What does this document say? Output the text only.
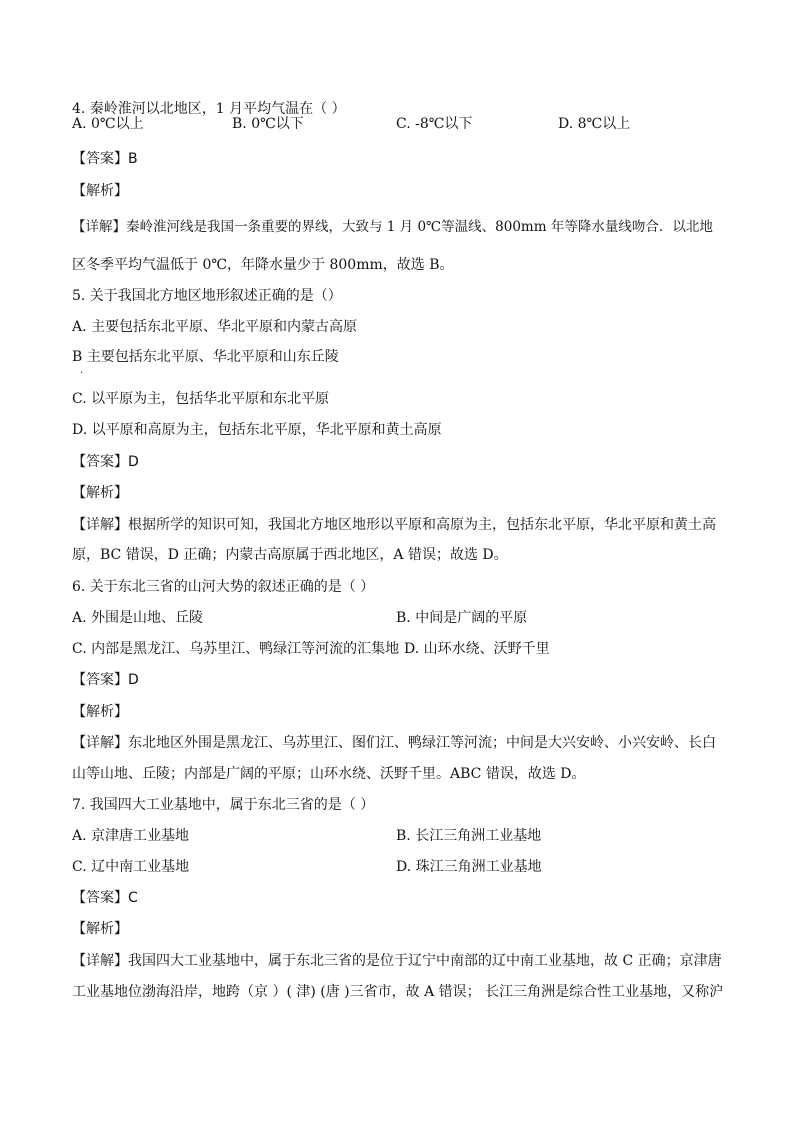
4. 秦岭淮河以北地区，1 月平均气温在（ ）
A. 0℃以上	B. 0℃以下	C. -8℃以下	D. 8℃以上
【答案】B
【解析】
【详解】秦岭淮河线是我国一条重要的界线，大致与 1 月 0℃等温线、800mm 年等降水量线吻合．以北地
区冬季平均气温低于 0℃，年降水量少于 800mm，故选 B。
5. 关于我国北方地区地形叙述正确的是（）
A. 主要包括东北平原、华北平原和内蒙古高原
B 主要包括东北平原、华北平原和山东丘陵
.
C. 以平原为主，包括华北平原和东北平原
D. 以平原和高原为主，包括东北平原，华北平原和黄土高原
【答案】D
【解析】
【详解】根据所学的知识可知，我国北方地区地形以平原和高原为主，包括东北平原，华北平原和黄土高
原，BC 错误，D 正确；内蒙古高原属于西北地区，A 错误；故选 D。
6. 关于东北三省的山河大势的叙述正确的是（ ）
A. 外围是山地、丘陵	B. 中间是广阔的平原
C. 内部是黑龙江、乌苏里江、鸭绿江等河流的汇集地 D. 山环水绕、沃野千里
【答案】D
【解析】
【详解】东北地区外围是黑龙江、乌苏里江、图们江、鸭绿江等河流；中间是大兴安岭、小兴安岭、长白
山等山地、丘陵；内部是广阔的平原；山环水绕、沃野千里。ABC 错误，故选 D。
7. 我国四大工业基地中，属于东北三省的是（ ）
A. 京津唐工业基地	B. 长江三角洲工业基地
C. 辽中南工业基地	D. 珠江三角洲工业基地
【答案】C
【解析】
【详解】我国四大工业基地中，属于东北三省的是位于辽宁中南部的辽中南工业基地，故 C 正确；京津唐
工业基地位渤海沿岸，地跨（京 ）( 津) (唐 )三省市，故 A 错误； 长江三角洲是综合性工业基地，又称沪
